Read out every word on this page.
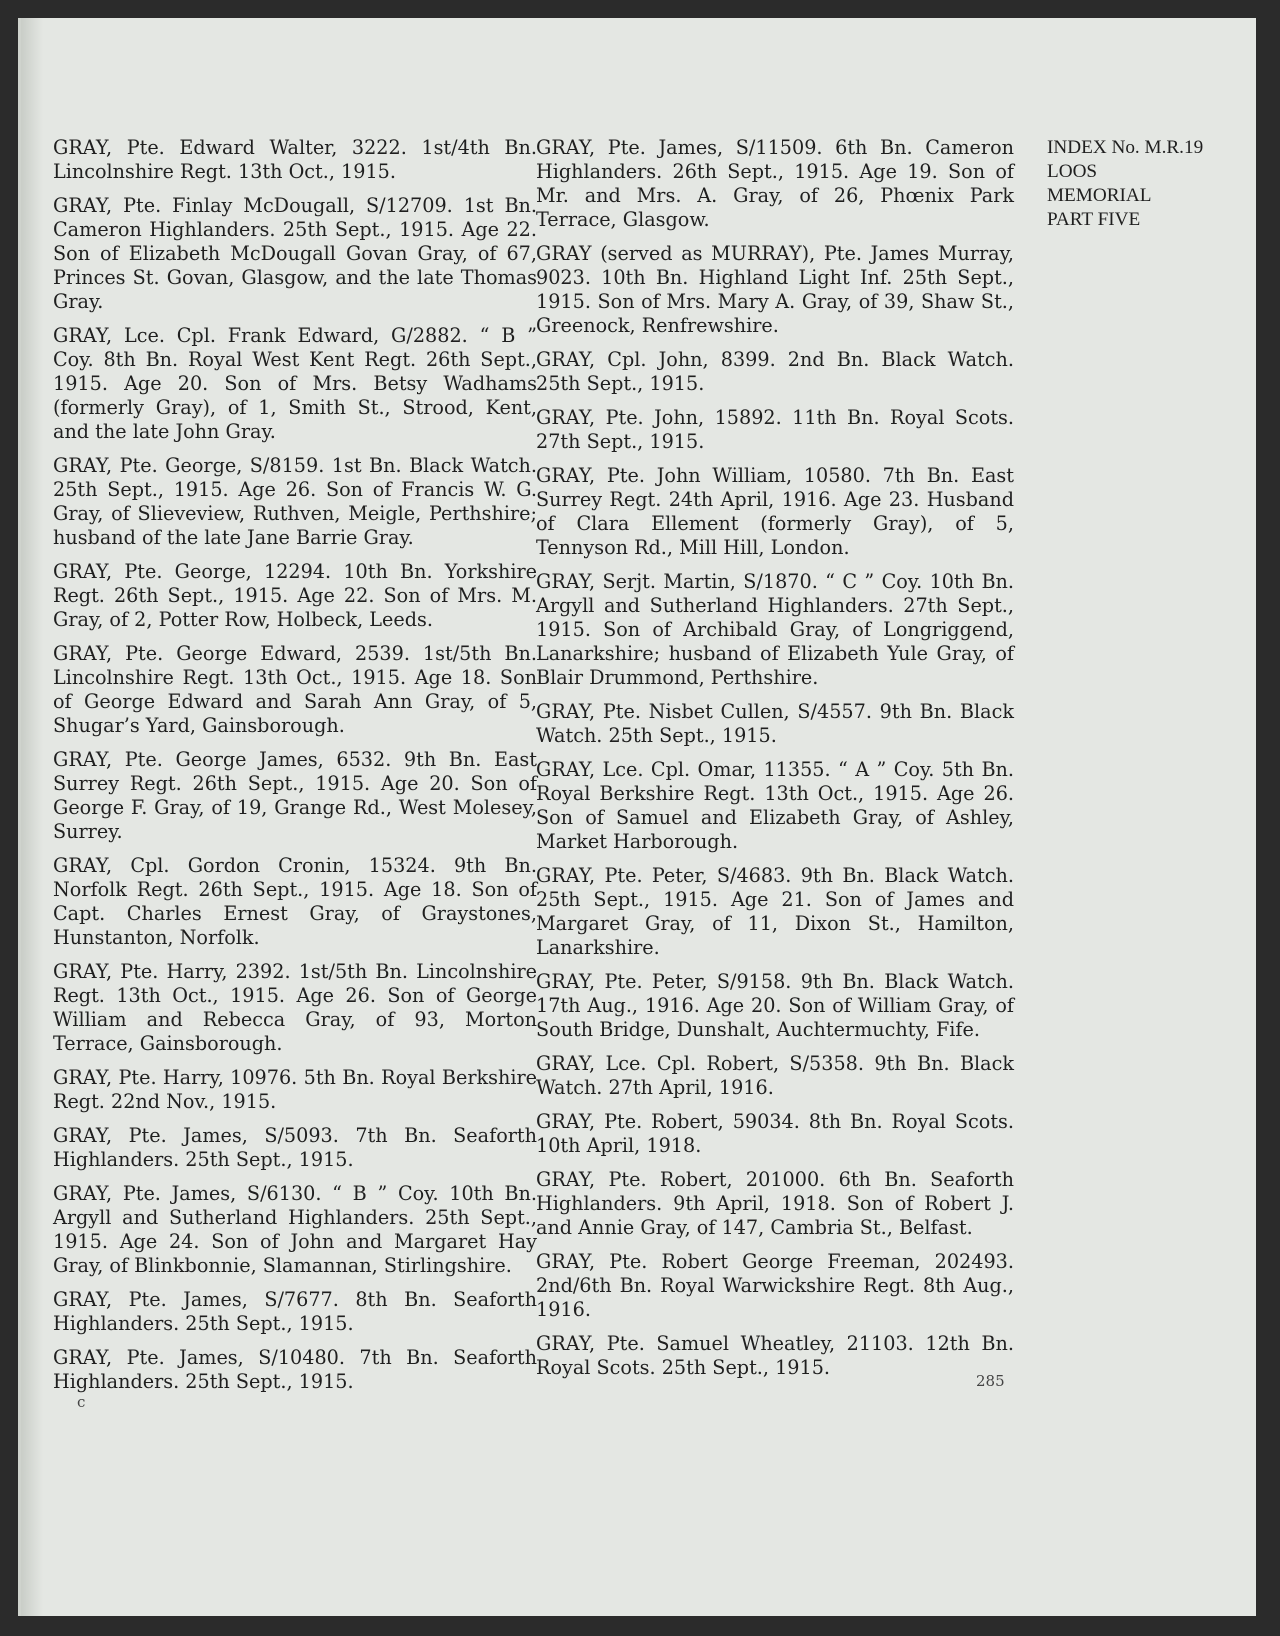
GRAY, Pte. Edward Walter, 3222. 1st/4th Bn. Lincolnshire Regt. 13th Oct., 1915.

GRAY, Pte. Finlay McDougall, S/12709. 1st Bn. Cameron Highlanders. 25th Sept., 1915. Age 22. Son of Elizabeth McDougall Govan Gray, of 67, Princes St. Govan, Glasgow, and the late Thomas Gray.

GRAY, Lce. Cpl. Frank Edward, G/2882. “ B ” Coy. 8th Bn. Royal West Kent Regt. 26th Sept., 1915. Age 20. Son of Mrs. Betsy Wadhams (formerly Gray), of 1, Smith St., Strood, Kent, and the late John Gray.

GRAY, Pte. George, S/8159. 1st Bn. Black Watch. 25th Sept., 1915. Age 26. Son of Francis W. G. Gray, of Slieveview, Ruthven, Meigle, Perthshire; husband of the late Jane Barrie Gray.

GRAY, Pte. George, 12294. 10th Bn. Yorkshire Regt. 26th Sept., 1915. Age 22. Son of Mrs. M. Gray, of 2, Potter Row, Holbeck, Leeds.

GRAY, Pte. George Edward, 2539. 1st/5th Bn. Lincolnshire Regt. 13th Oct., 1915. Age 18. Son of George Edward and Sarah Ann Gray, of 5, Shugar’s Yard, Gainsborough.

GRAY, Pte. George James, 6532. 9th Bn. East Surrey Regt. 26th Sept., 1915. Age 20. Son of George F. Gray, of 19, Grange Rd., West Molesey, Surrey.

GRAY, Cpl. Gordon Cronin, 15324. 9th Bn. Norfolk Regt. 26th Sept., 1915. Age 18. Son of Capt. Charles Ernest Gray, of Graystones, Hunstanton, Norfolk.

GRAY, Pte. Harry, 2392. 1st/5th Bn. Lincolnshire Regt. 13th Oct., 1915. Age 26. Son of George William and Rebecca Gray, of 93, Morton Terrace, Gainsborough.

GRAY, Pte. Harry, 10976. 5th Bn. Royal Berkshire Regt. 22nd Nov., 1915.

GRAY, Pte. James, S/5093. 7th Bn. Seaforth Highlanders. 25th Sept., 1915.

GRAY, Pte. James, S/6130. “ B ” Coy. 10th Bn. Argyll and Sutherland Highlanders. 25th Sept., 1915. Age 24. Son of John and Margaret Hay Gray, of Blinkbonnie, Slamannan, Stirlingshire.

GRAY, Pte. James, S/7677. 8th Bn. Seaforth Highlanders. 25th Sept., 1915.

GRAY, Pte. James, S/10480. 7th Bn. Seaforth Highlanders. 25th Sept., 1915.

GRAY, Pte. James, S/11509. 6th Bn. Cameron Highlanders. 26th Sept., 1915. Age 19. Son of Mr. and Mrs. A. Gray, of 26, Phœnix Park Terrace, Glasgow.

GRAY (served as MURRAY), Pte. James Murray, 9023. 10th Bn. Highland Light Inf. 25th Sept., 1915. Son of Mrs. Mary A. Gray, of 39, Shaw St., Greenock, Renfrewshire.

GRAY, Cpl. John, 8399. 2nd Bn. Black Watch. 25th Sept., 1915.

GRAY, Pte. John, 15892. 11th Bn. Royal Scots. 27th Sept., 1915.

GRAY, Pte. John William, 10580. 7th Bn. East Surrey Regt. 24th April, 1916. Age 23. Husband of Clara Ellement (formerly Gray), of 5, Tennyson Rd., Mill Hill, London.

GRAY, Serjt. Martin, S/1870. “ C ” Coy. 10th Bn. Argyll and Sutherland Highlanders. 27th Sept., 1915. Son of Archibald Gray, of Longriggend, Lanarkshire; husband of Elizabeth Yule Gray, of Blair Drummond, Perthshire.

GRAY, Pte. Nisbet Cullen, S/4557. 9th Bn. Black Watch. 25th Sept., 1915.

GRAY, Lce. Cpl. Omar, 11355. “ A ” Coy. 5th Bn. Royal Berkshire Regt. 13th Oct., 1915. Age 26. Son of Samuel and Elizabeth Gray, of Ashley, Market Harborough.

GRAY, Pte. Peter, S/4683. 9th Bn. Black Watch. 25th Sept., 1915. Age 21. Son of James and Margaret Gray, of 11, Dixon St., Hamilton, Lanarkshire.

GRAY, Pte. Peter, S/9158. 9th Bn. Black Watch. 17th Aug., 1916. Age 20. Son of William Gray, of South Bridge, Dunshalt, Auchtermuchty, Fife.

GRAY, Lce. Cpl. Robert, S/5358. 9th Bn. Black Watch. 27th April, 1916.

GRAY, Pte. Robert, 59034. 8th Bn. Royal Scots. 10th April, 1918.

GRAY, Pte. Robert, 201000. 6th Bn. Seaforth Highlanders. 9th April, 1918. Son of Robert J. and Annie Gray, of 147, Cambria St., Belfast.

GRAY, Pte. Robert George Freeman, 202493. 2nd/6th Bn. Royal Warwickshire Regt. 8th Aug., 1916.

GRAY, Pte. Samuel Wheatley, 21103. 12th Bn. Royal Scots. 25th Sept., 1915.

INDEX No. M.R.19
LOOS
MEMORIAL
PART FIVE
c
285
